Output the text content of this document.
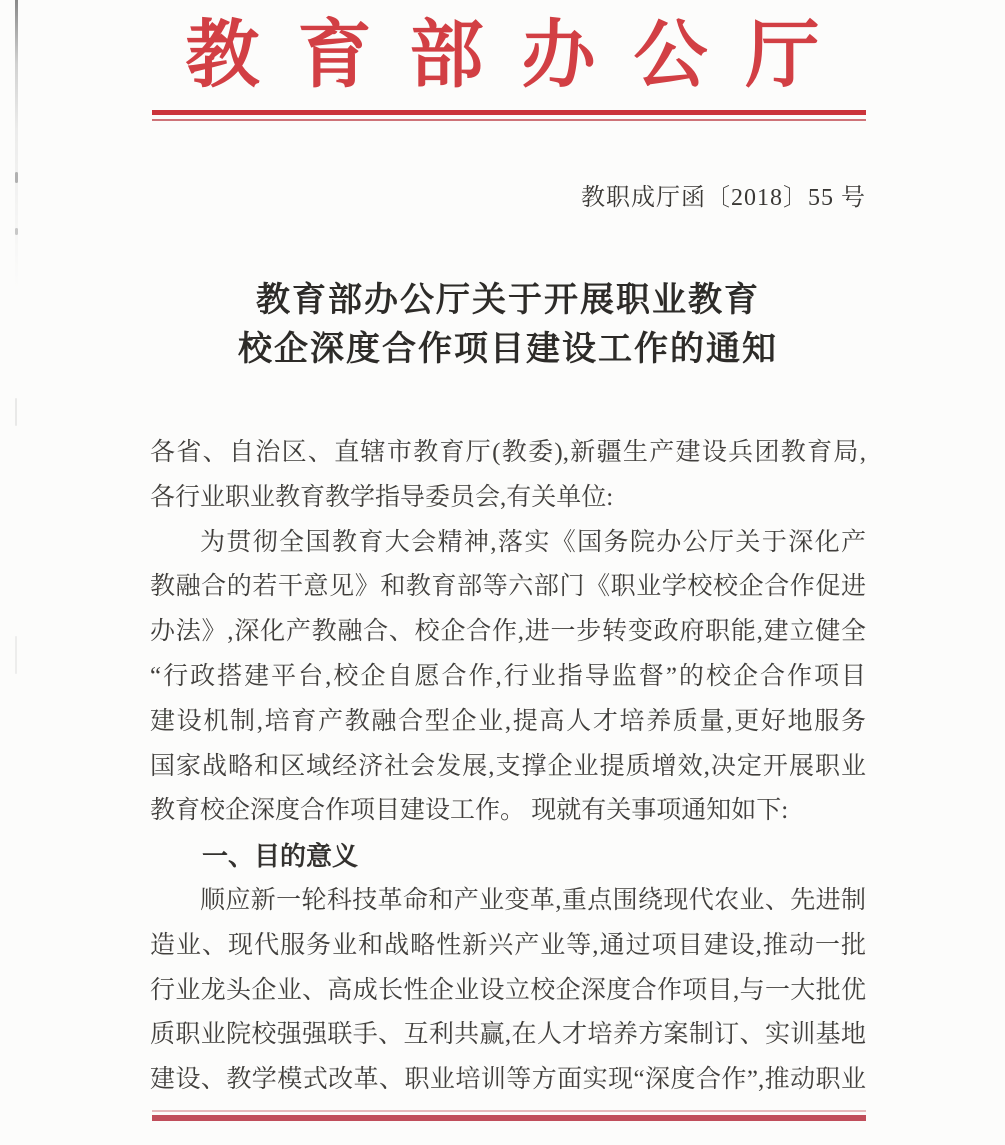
教育部办公厅
教职成厅函〔2018〕55 号
教育部办公厅关于开展职业教育
校企深度合作项目建设工作的通知
各省、自治区、直辖市教育厅(教委),新疆生产建设兵团教育局,
各行业职业教育教学指导委员会,有关单位:
为贯彻全国教育大会精神,落实《国务院办公厅关于深化产
教融合的若干意见》和教育部等六部门《职业学校校企合作促进
办法》,深化产教融合、校企合作,进一步转变政府职能,建立健全
“行政搭建平台,校企自愿合作,行业指导监督”的校企合作项目
建设机制,培育产教融合型企业,提高人才培养质量,更好地服务
国家战略和区域经济社会发展,支撑企业提质增效,决定开展职业
教育校企深度合作项目建设工作。 现就有关事项通知如下:
一、目的意义
顺应新一轮科技革命和产业变革,重点围绕现代农业、先进制
造业、现代服务业和战略性新兴产业等,通过项目建设,推动一批
行业龙头企业、高成长性企业设立校企深度合作项目,与一大批优
质职业院校强强联手、互利共赢,在人才培养方案制订、实训基地
建设、教学模式改革、职业培训等方面实现“深度合作”,推动职业
